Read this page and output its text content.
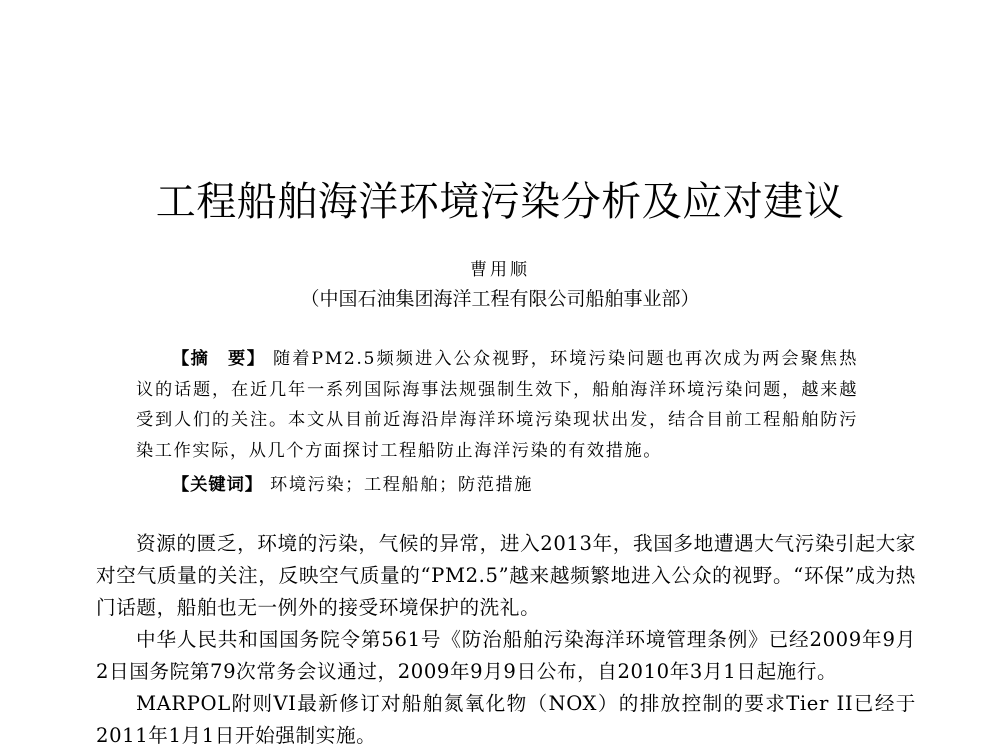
工程船舶海洋环境污染分析及应对建议
曹用顺
（中国石油集团海洋工程有限公司船舶事业部）
【摘　要】 随着PM2.5频频进入公众视野，环境污染问题也再次成为两会聚焦热议的话题，在近几年一系列国际海事法规强制生效下，船舶海洋环境污染问题，越来越受到人们的关注。本文从目前近海沿岸海洋环境污染现状出发，结合目前工程船舶防污染工作实际，从几个方面探讨工程船防止海洋污染的有效措施。
【关键词】 环境污染；工程船舶；防范措施

资源的匮乏，环境的污染，气候的异常，进入2013年，我国多地遭遇大气污染引起大家对空气质量的关注，反映空气质量的“PM2.5”越来越频繁地进入公众的视野。“环保”成为热门话题，船舶也无一例外的接受环境保护的洗礼。

中华人民共和国国务院令第561号《防治船舶污染海洋环境管理条例》已经2009年9月2日国务院第79次常务会议通过，2009年9月9日公布，自2010年3月1日起施行。

MARPOL附则VI最新修订对船舶氮氧化物（NOX）的排放控制的要求Tier II已经于2011年1月1日开始强制实施。
